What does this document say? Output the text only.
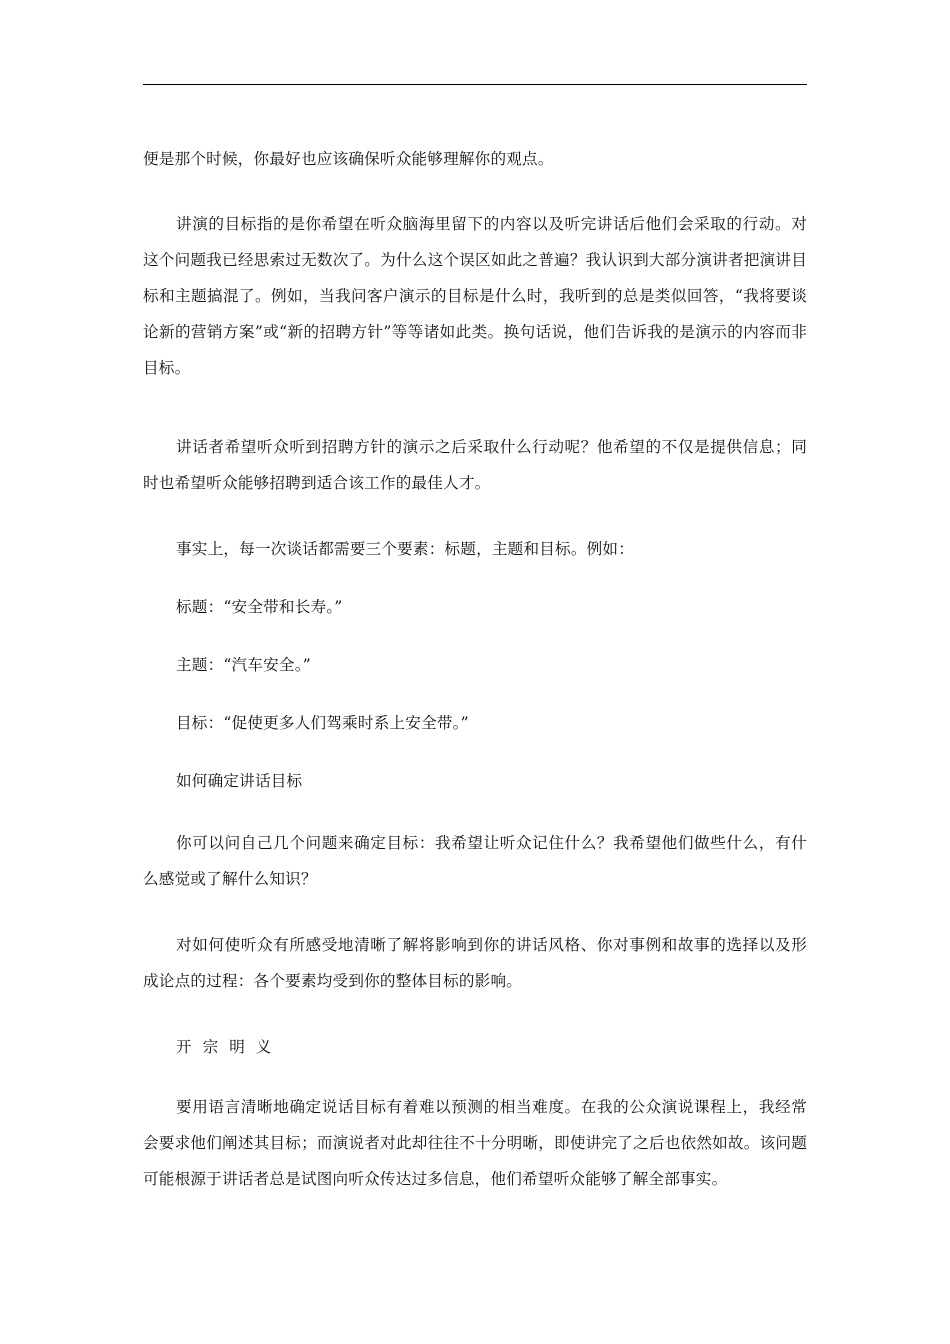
便是那个时候，你最好也应该确保听众能够理解你的观点。

讲演的目标指的是你希望在听众脑海里留下的内容以及听完讲话后他们会采取的行动。对这个问题我已经思索过无数次了。为什么这个误区如此之普遍？我认识到大部分演讲者把演讲目标和主题搞混了。例如，当我问客户演示的目标是什么时，我听到的总是类似回答，“我将要谈论新的营销方案”或“新的招聘方针”等等诸如此类。换句话说，他们告诉我的是演示的内容而非目标。

讲话者希望听众听到招聘方针的演示之后采取什么行动呢？他希望的不仅是提供信息；同时也希望听众能够招聘到适合该工作的最佳人才。

事实上，每一次谈话都需要三个要素：标题，主题和目标。例如：

标题：“安全带和长寿。”

主题：“汽车安全。”

目标：“促使更多人们驾乘时系上安全带。”

如何确定讲话目标

你可以问自己几个问题来确定目标：我希望让听众记住什么？我希望他们做些什么，有什么感觉或了解什么知识？

对如何使听众有所感受地清晰了解将影响到你的讲话风格、你对事例和故事的选择以及形成论点的过程：各个要素均受到你的整体目标的影响。

开宗明义

要用语言清晰地确定说话目标有着难以预测的相当难度。在我的公众演说课程上，我经常会要求他们阐述其目标；而演说者对此却往往不十分明晰，即使讲完了之后也依然如故。该问题可能根源于讲话者总是试图向听众传达过多信息，他们希望听众能够了解全部事实。
